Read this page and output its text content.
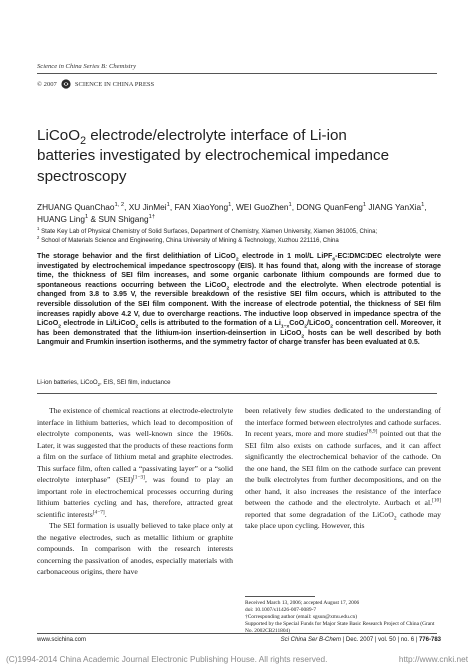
Science in China Series B: Chemistry
© 2007	SCIENCE IN CHINA PRESS
LiCoO$_2$ electrode/electrolyte interface of Li-ion
batteries investigated by electrochemical impedance
spectroscopy
ZHUANG QuanChao$^{1, 2}$, XU JinMei$^1$, FAN XiaoYong$^1$, WEI GuoZhen$^1$, DONG QuanFeng$^1$ JIANG YanXia$^1$, HUANG Ling$^1$ & SUN Shigang$^{1\dagger}$
$^1$ State Key Lab of Physical Chemistry of Solid Surfaces, Department of Chemistry, Xiamen University, Xiamen 361005, China;
$^2$ School of Materials Science and Engineering, China University of Mining & Technology, Xuzhou 221116, China
The storage behavior and the first delithiation of LiCoO$_2$ electrode in 1 mol/L LiPF$_6$-EC∶DMC∶DEC electrolyte were investigated by electrochemical impedance spectroscopy (EIS). It has found that, along with the increase of storage time, the thickness of SEI film increases, and some organic carbonate lithium compounds are formed due to spontaneous reactions occurring between the LiCoO$_2$ electrode and the electrolyte. When electrode potential is changed from 3.8 to 3.95 V, the reversible breakdown of the resistive SEI film occurs, which is attributed to the reversible dissolution of the SEI film component. With the increase of electrode potential, the thickness of SEI film increases rapidly above 4.2 V, due to overcharge reactions. The inductive loop observed in impedance spectra of the LiCoO$_2$ electrode in Li/LiCoO$_2$ cells is attributed to the formation of a $Li_{1-x}CoO_2/LiCoO_2$ concentration cell. Moreover, it has been demonstrated that the lithium-ion insertion-deinsertion in LiCoO$_2$ hosts can be well described by both Langmuir and Frumkin insertion isotherms, and the symmetry factor of charge transfer has been evaluated at 0.5.
Li-ion batteries, LiCoO$_2$, EIS, SEI film, inductance

The existence of chemical reactions at electrode-electrolyte interface in lithium batteries, which lead to decomposition of electrolyte components, was well-known since the 1960s. Later, it was suggested that the products of these reactions form a film on the surface of lithium metal and graphite electrodes. This surface film, often called a “passivating layer” or a “solid electrolyte interphase” (SEI)[1−3], was found to play an important role in electrochemical processes occurring during lithium batteries cycling and has, therefore, attracted great scientific interests[4−7].

The SEI formation is usually believed to take place only at the negative electrodes, such as metallic lithium or graphite compounds. In comparison with the research interests concerning the passivation of anodes, especially materials with carbonaceous origins, there have

been relatively few studies dedicated to the understanding of the interface formed between electrolytes and cathode surfaces. In recent years, more and more studies[8,9] pointed out that the SEI film also exists on cathode surfaces, and it can affect significantly the electrochemical behavior of the cathode. On the one hand, the SEI film on the cathode surface can prevent the bulk electrolytes from further decompositions, and on the other hand, it also increases the resistance of the interface between the cathode and the electrolyte. Aurbach et al.[10] reported that some degradation of the LiCoO$_2$ cathode may take place upon cycling. However, this

Received March 13, 2006; accepted August 17, 2006
doi: 10.1007/s11426-007-0089-7
†Corresponding author (email: sgsun@xmu.edu.cn)
Supported by the Special Funds for Major State Basic Research Project of China (Grant No. 2002CB211804)
www.scichina.com	Sci China Ser B-Chem | Dec. 2007 | vol. 50 | no. 6 | 776-783
(C)1994-2014 China Academic Journal Electronic Publishing House. All rights reserved.	http://www.cnki.net
